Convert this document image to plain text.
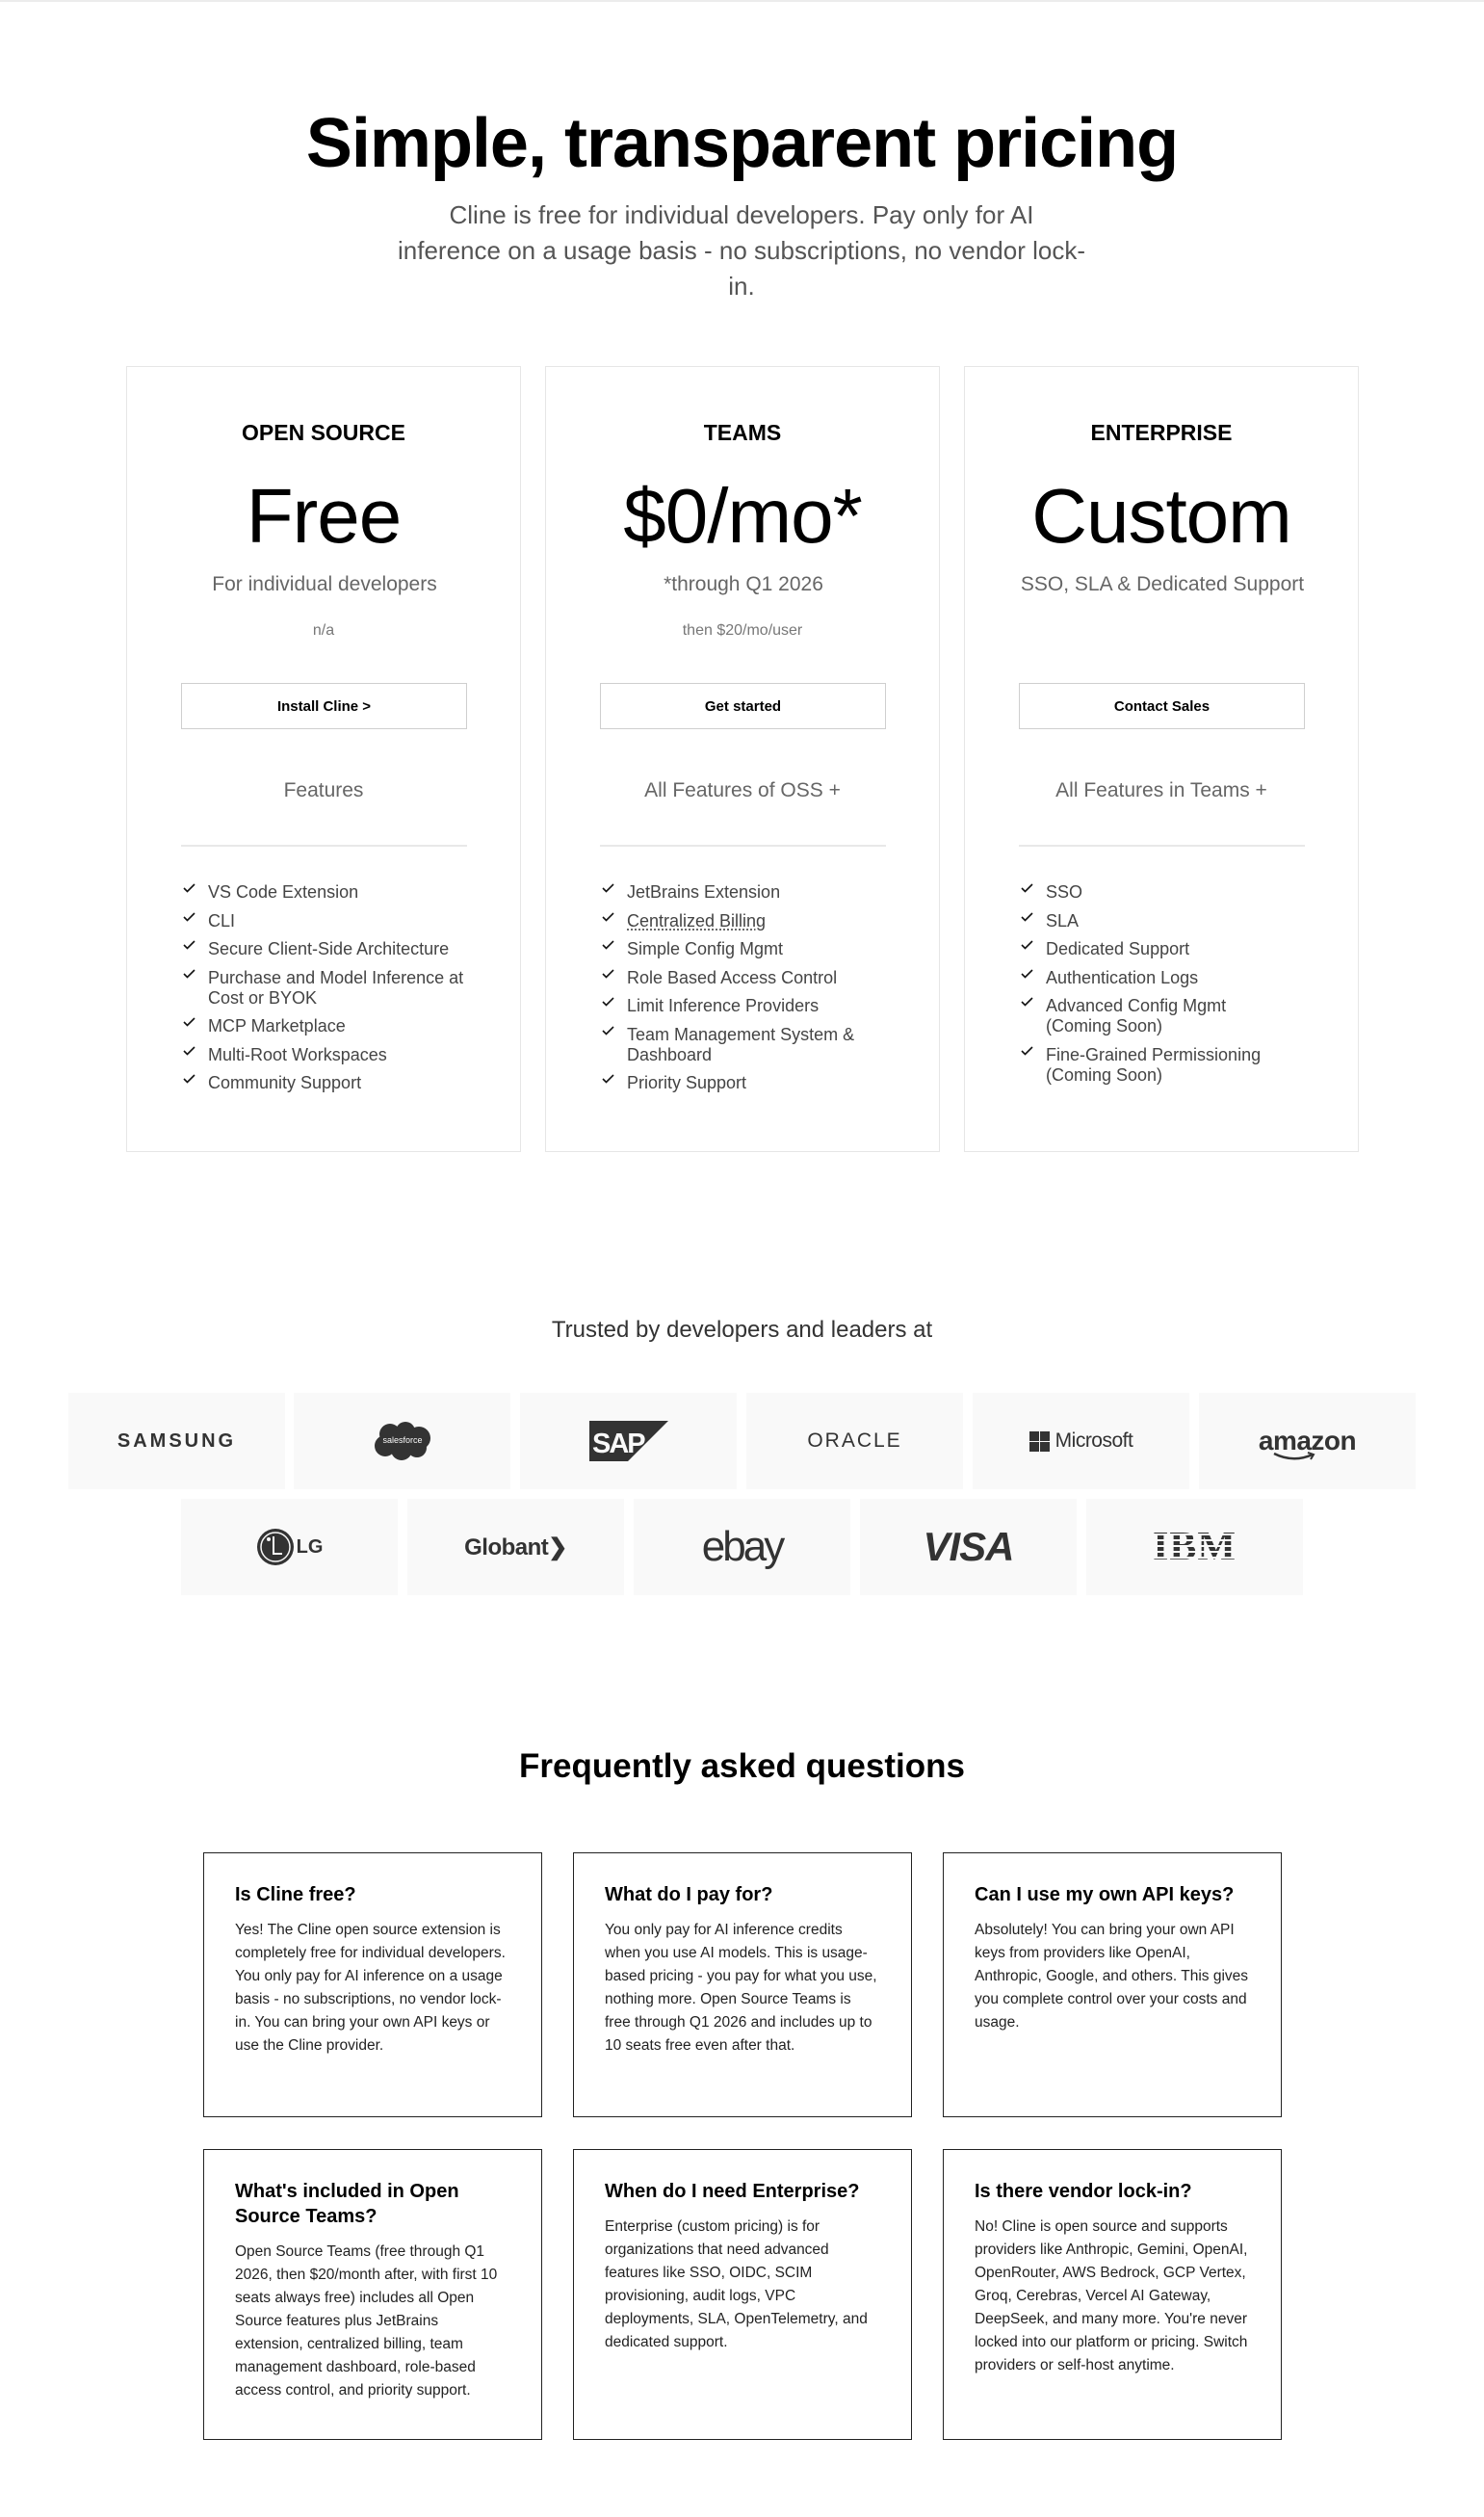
Simple, transparent pricing

Cline is free for individual developers. Pay only for AI inference on a usage basis - no subscriptions, no vendor lock-in.

OPEN SOURCE
Free
For individual developers
n/a
Install Cline >
Features
VS Code Extension
CLI
Secure Client-Side Architecture
Purchase and Model Inference at Cost or BYOK
MCP Marketplace
Multi-Root Workspaces
Community Support
TEAMS
$0/mo*
*through Q1 2026
then $20/mo/user
Get started
All Features of OSS +
JetBrains Extension
Centralized Billing
Simple Config Mgmt
Role Based Access Control
Limit Inference Providers
Team Management System & Dashboard
Priority Support
ENTERPRISE
Custom
SSO, SLA & Dedicated Support
Contact Sales
All Features in Teams +
SSO
SLA
Dedicated Support
Authentication Logs
Advanced Config Mgmt (Coming Soon)
Fine-Grained Permissioning (Coming Soon)
Trusted by developers and leaders at
SAMSUNG	salesforce	SAP	ORACLE	Microsoft	amazon
LG	Globant❯	ebay	VISA	IBM
Frequently asked questions
Is Cline free?
Yes! The Cline open source extension is completely free for individual developers. You only pay for AI inference on a usage basis - no subscriptions, no vendor lock-in. You can bring your own API keys or use the Cline provider.
What do I pay for?
You only pay for AI inference credits when you use AI models. This is usage-based pricing - you pay for what you use, nothing more. Open Source Teams is free through Q1 2026 and includes up to 10 seats free even after that.
Can I use my own API keys?
Absolutely! You can bring your own API keys from providers like OpenAI, Anthropic, Google, and others. This gives you complete control over your costs and usage.
What's included in Open Source Teams?
Open Source Teams (free through Q1 2026, then $20/month after, with first 10 seats always free) includes all Open Source features plus JetBrains extension, centralized billing, team management dashboard, role-based access control, and priority support.
When do I need Enterprise?
Enterprise (custom pricing) is for organizations that need advanced features like SSO, OIDC, SCIM provisioning, audit logs, VPC deployments, SLA, OpenTelemetry, and dedicated support.
Is there vendor lock-in?
No! Cline is open source and supports providers like Anthropic, Gemini, OpenAI, OpenRouter, AWS Bedrock, GCP Vertex, Groq, Cerebras, Vercel AI Gateway, DeepSeek, and many more. You're never locked into our platform or pricing. Switch providers or self-host anytime.
